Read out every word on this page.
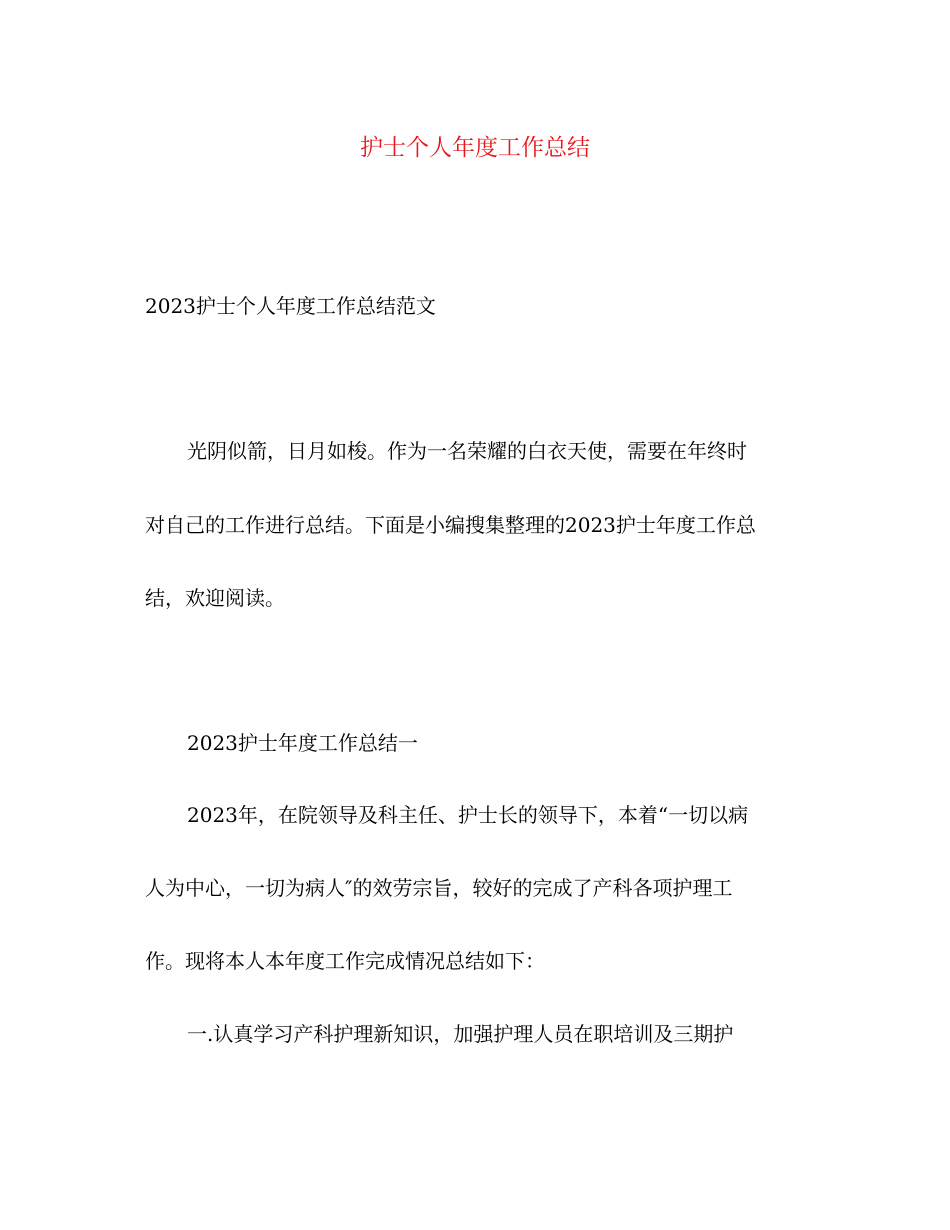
护士个人年度工作总结

2023护士个人年度工作总结范文

光阴似箭，日月如梭。作为一名荣耀的白衣天使，需要在年终时

对自己的工作进行总结。下面是小编搜集整理的2023护士年度工作总

结，欢迎阅读。

2023护士年度工作总结一

2023年，在院领导及科主任、护士长的领导下，本着“一切以病

人为中心，一切为病人″的效劳宗旨，较好的完成了产科各项护理工

作。现将本人本年度工作完成情况总结如下：

一.认真学习产科护理新知识，加强护理人员在职培训及三期护
